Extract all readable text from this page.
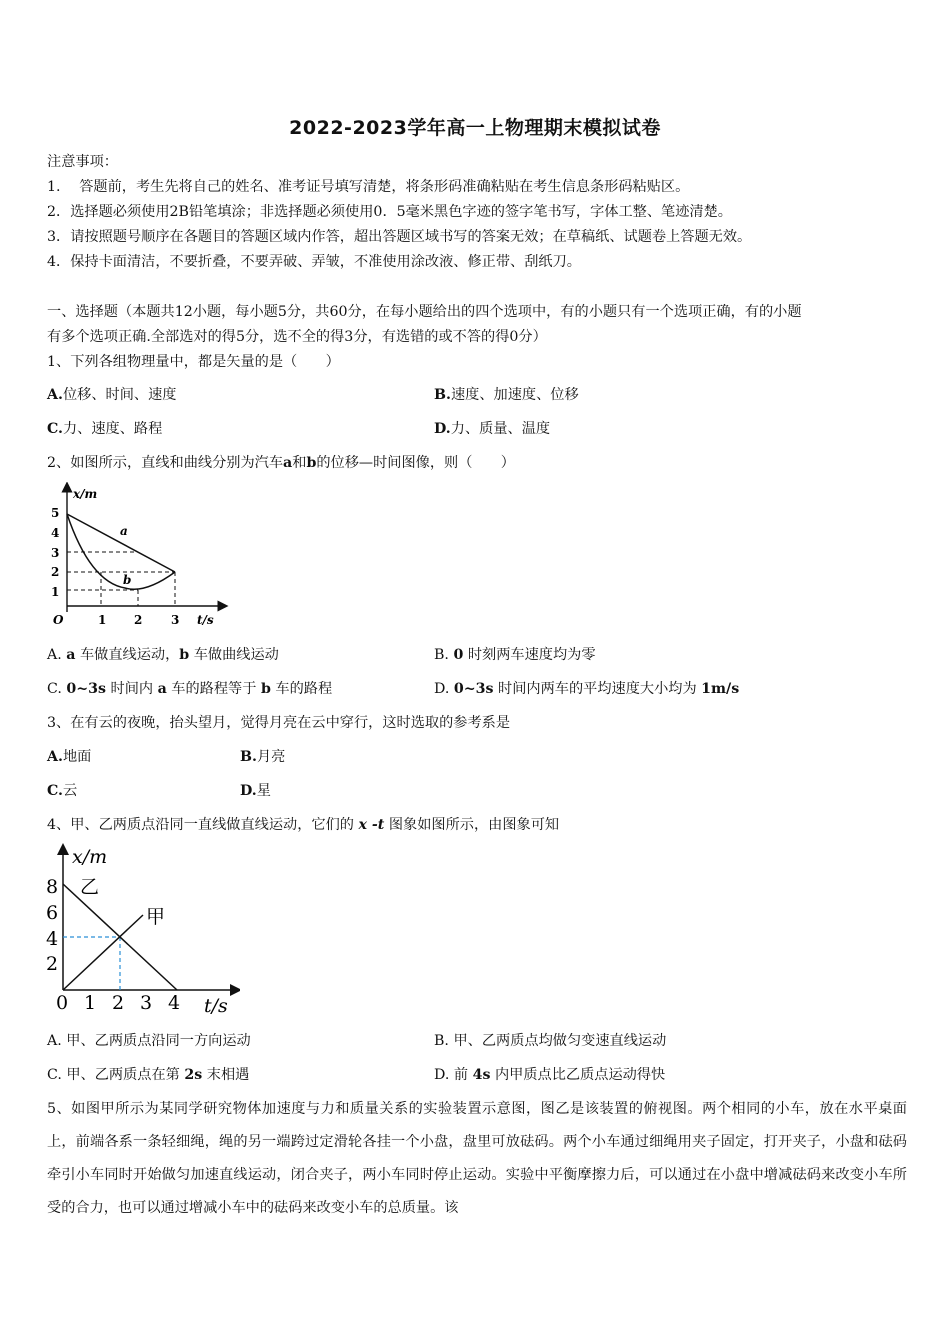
2022-2023学年高一上物理期末模拟试卷
注意事项：
1.　 答题前，考生先将自己的姓名、准考证号填写清楚，将条形码准确粘贴在考生信息条形码粘贴区。
2．选择题必须使用2B铅笔填涂；非选择题必须使用0．5毫米黑色字迹的签字笔书写，字体工整、笔迹清楚。
3．请按照题号顺序在各题目的答题区域内作答，超出答题区域书写的答案无效；在草稿纸、试题卷上答题无效。
4．保持卡面清洁，不要折叠，不要弄破、弄皱，不准使用涂改液、修正带、刮纸刀。
一、选择题（本题共12小题，每小题5分，共60分，在每小题给出的四个选项中，有的小题只有一个选项正确，有的小题
有多个选项正确.全部选对的得5分，选不全的得3分，有选错的或不答的得0分）
1、下列各组物理量中，都是矢量的是（　　）
A.位移、时间、速度	B.速度、加速度、位移
C.力、速度、路程	D.力、质量、温度
2、如图所示，直线和曲线分别为汽车a和b的位移—时间图像，则（　　）
x/m
t/s
O
1
2
3
4
5
1 2 3
a
b
A. a 车做直线运动，b 车做曲线运动	B. 0 时刻两车速度均为零
C. 0~3s 时间内 a 车的路程等于 b 车的路程	D. 0~3s 时间内两车的平均速度大小均为 1m/s
3、在有云的夜晚，抬头望月，觉得月亮在云中穿行，这时选取的参考系是
A.地面	B.月亮
C.云	D.星
4、甲、乙两质点沿同一直线做直线运动，它们的 x -t 图象如图所示，由图象可知
x/m
t/s
2
4
6
8
0 1 2 3 4
甲
乙
A. 甲、乙两质点沿同一方向运动	B. 甲、乙两质点均做匀变速直线运动
C. 甲、乙两质点在第 2s 末相遇	D. 前 4s 内甲质点比乙质点运动得快
5、如图甲所示为某同学研究物体加速度与力和质量关系的实验装置示意图，图乙是该装置的俯视图。两个相同的小车，放在水平桌面上，前端各系一条轻细绳，绳的另一端跨过定滑轮各挂一个小盘，盘里可放砝码。两个小车通过细绳用夹子固定，打开夹子，小盘和砝码牵引小车同时开始做匀加速直线运动，闭合夹子，两小车同时停止运动。实验中平衡摩擦力后，可以通过在小盘中增减砝码来改变小车所受的合力，也可以通过增减小车中的砝码来改变小车的总质量。该
